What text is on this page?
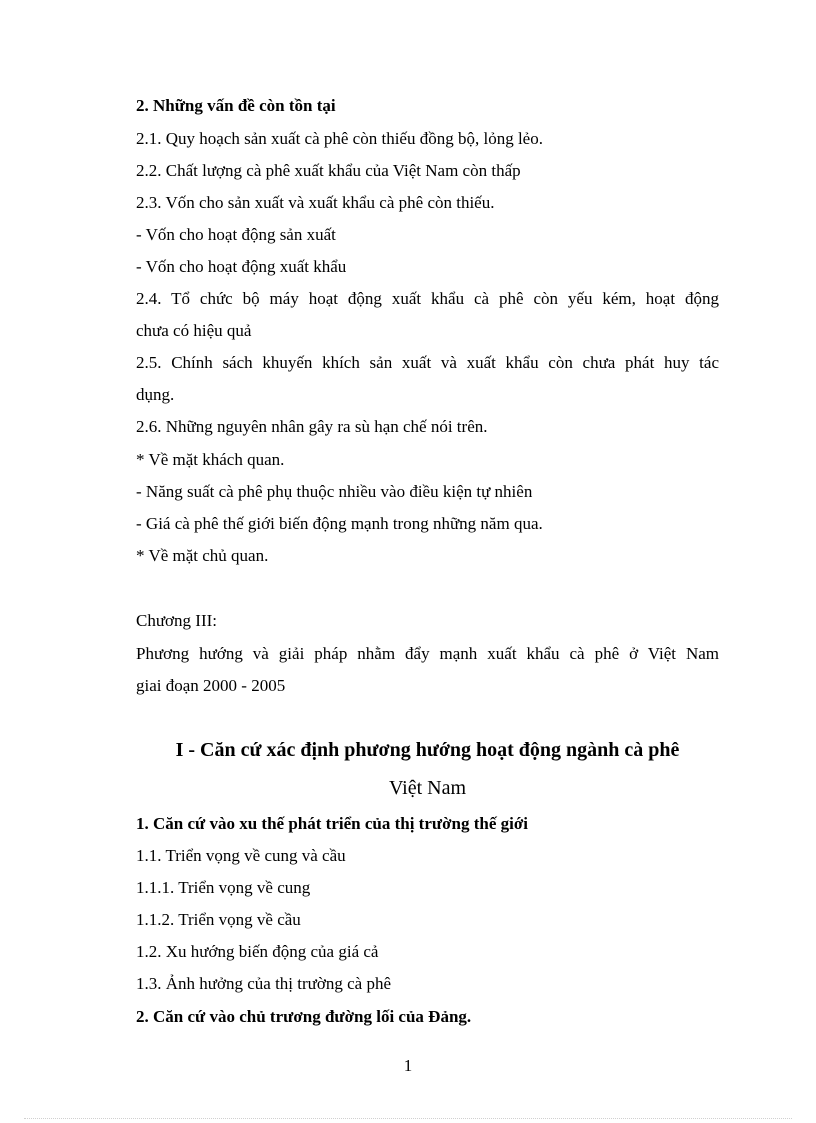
2. Những vấn đề còn tồn tại
2.1. Quy hoạch sản xuất cà phê còn thiếu đồng bộ, lỏng lẻo.
2.2. Chất lượng cà phê xuất khẩu của Việt Nam còn thấp
2.3. Vốn cho sản xuất và xuất khẩu cà phê còn thiếu.
- Vốn cho hoạt động sản xuất
- Vốn cho hoạt động xuất khẩu
2.4. Tổ chức bộ máy hoạt động xuất khẩu cà phê còn yếu kém, hoạt động
chưa có hiệu quả
2.5. Chính sách khuyến khích sản xuất và xuất khẩu còn chưa phát huy tác
dụng.
2.6. Những nguyên nhân gây ra sù hạn chế nói trên.
* Về mặt khách quan.
- Năng suất cà phê phụ thuộc nhiều vào điều kiện tự nhiên
- Giá cà phê thế giới biến động mạnh trong những năm qua.
* Về mặt chủ quan.
Chương III:
Phương hướng và giải pháp nhằm đẩy mạnh xuất khẩu cà phê ở Việt Nam
giai đoạn 2000 - 2005
I - Căn cứ xác định phương hướng hoạt động ngành cà phê
Việt Nam
1. Căn cứ vào xu thế phát triển của thị trường thế giới
1.1. Triển vọng về cung và cầu
1.1.1. Triển vọng về cung
1.1.2. Triển vọng về cầu
1.2. Xu hướng biến động của giá cả
1.3. Ảnh hưởng của thị trường cà phê
2. Căn cứ vào chủ trương đường lối của Đảng.
1
